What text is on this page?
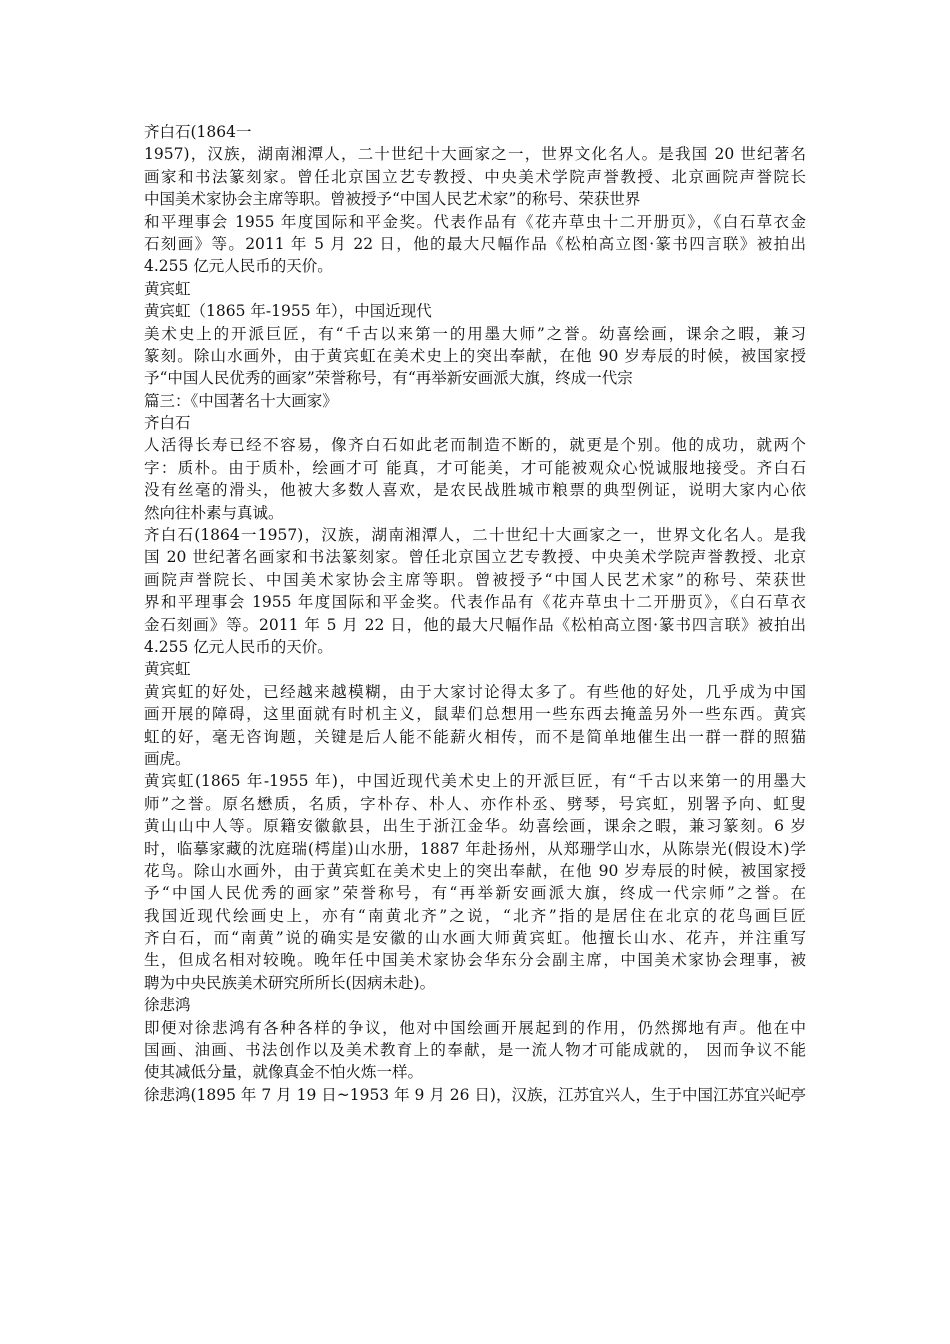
齐白石(1864一
1957)，汉族，湖南湘潭人，二十世纪十大画家之一，世界文化名人。是我国 20 世纪著名
画家和书法篆刻家。曾任北京国立艺专教授、中央美术学院声誉教授、北京画院声誉院长
中国美术家协会主席等职。曾被授予“中国人民艺术家”的称号、荣获世界
和平理事会 1955 年度国际和平金奖。代表作品有《花卉草虫十二开册页》，《白石草衣金
石刻画》等。2011 年 5 月 22 日，他的最大尺幅作品《松柏高立图·篆书四言联》被拍出
4.255 亿元人民币的天价。
黄宾虹
黄宾虹（1865 年-1955 年），中国近现代
美术史上的开派巨匠，有“千古以来第一的用墨大师”之誉。幼喜绘画，课余之暇，兼习
篆刻。除山水画外，由于黄宾虹在美术史上的突出奉献，在他 90 岁寿辰的时候，被国家授
予“中国人民优秀的画家”荣誉称号，有“再举新安画派大旗，终成一代宗
篇三：《中国著名十大画家》
齐白石
人活得长寿已经不容易，像齐白石如此老而制造不断的，就更是个别。他的成功，就两个
字：质朴。由于质朴，绘画才可 能真，才可能美，才可能被观众心悦诚服地接受。齐白石
没有丝毫的滑头，他被大多数人喜欢，是农民战胜城市粮票的典型例证，说明大家内心依
然向往朴素与真诚。
齐白石(1864一1957)，汉族，湖南湘潭人，二十世纪十大画家之一，世界文化名人。是我
国 20 世纪著名画家和书法篆刻家。曾任北京国立艺专教授、中央美术学院声誉教授、北京
画院声誉院长、中国美术家协会主席等职。曾被授予“中国人民艺术家”的称号、荣获世
界和平理事会 1955 年度国际和平金奖。代表作品有《花卉草虫十二开册页》，《白石草衣
金石刻画》等。2011 年 5 月 22 日，他的最大尺幅作品《松柏高立图·篆书四言联》被拍出
4.255 亿元人民币的天价。
黄宾虹
黄宾虹的好处，已经越来越模糊，由于大家讨论得太多了。有些他的好处，几乎成为中国
画开展的障碍，这里面就有时机主义，鼠辈们总想用一些东西去掩盖另外一些东西。黄宾
虹的好，毫无咨询题，关键是后人能不能薪火相传，而不是简单地催生出一群一群的照猫
画虎。
黄宾虹(1865 年-1955 年)，中国近现代美术史上的开派巨匠，有“千古以来第一的用墨大
师”之誉。原名懋质，名质，字朴存、朴人、亦作朴丞、劈琴，号宾虹，别署予向、虹叟
黄山山中人等。原籍安徽歙县，出生于浙江金华。幼喜绘画，课余之暇，兼习篆刻。6 岁
时，临摹家藏的沈庭瑞(樗崖)山水册，1887 年赴扬州，从郑珊学山水，从陈崇光(假设木)学
花鸟。除山水画外，由于黄宾虹在美术史上的突出奉献，在他 90 岁寿辰的时候，被国家授
予“中国人民优秀的画家”荣誉称号，有“再举新安画派大旗，终成一代宗师”之誉。在
我国近现代绘画史上，亦有“南黄北齐”之说，“北齐”指的是居住在北京的花鸟画巨匠
齐白石，而“南黄”说的确实是安徽的山水画大师黄宾虹。他擅长山水、花卉，并注重写
生，但成名相对较晚。晚年任中国美术家协会华东分会副主席，中国美术家协会理事，被
聘为中央民族美术研究所所长(因病未赴)。
徐悲鸿
即便对徐悲鸿有各种各样的争议，他对中国绘画开展起到的作用，仍然掷地有声。他在中
国画、油画、书法创作以及美术教育上的奉献，是一流人物才可能成就的， 因而争议不能
使其减低分量，就像真金不怕火炼一样。
徐悲鸿(1895 年 7 月 19 日~1953 年 9 月 26 日)，汉族，江苏宜兴人，生于中国江苏宜兴屺亭
